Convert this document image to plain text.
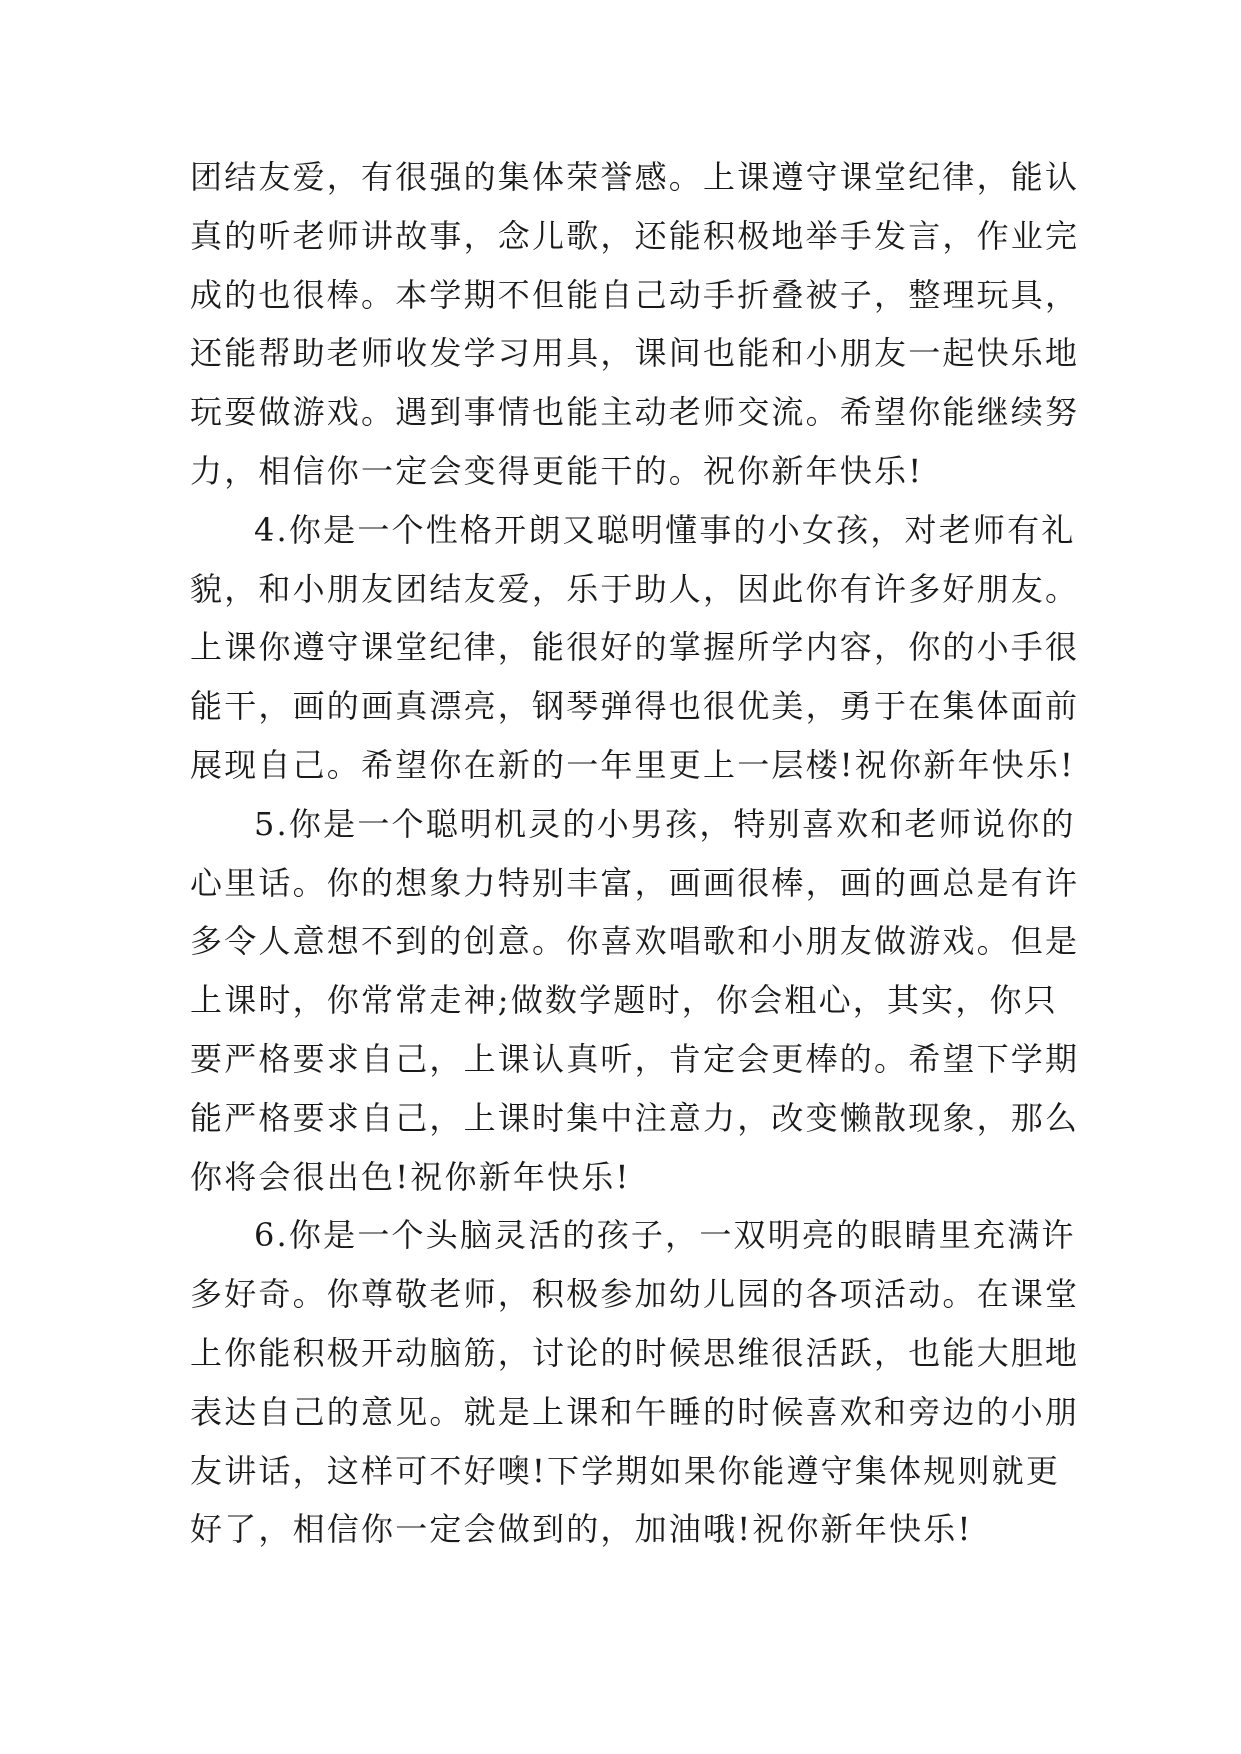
团结友爱，有很强的集体荣誉感。上课遵守课堂纪律，能认
真的听老师讲故事，念儿歌，还能积极地举手发言，作业完
成的也很棒。本学期不但能自己动手折叠被子，整理玩具，
还能帮助老师收发学习用具，课间也能和小朋友一起快乐地
玩耍做游戏。遇到事情也能主动老师交流。希望你能继续努
力，相信你一定会变得更能干的。祝你新年快乐!
4.你是一个性格开朗又聪明懂事的小女孩，对老师有礼
貌，和小朋友团结友爱，乐于助人，因此你有许多好朋友。
上课你遵守课堂纪律，能很好的掌握所学内容，你的小手很
能干，画的画真漂亮，钢琴弹得也很优美，勇于在集体面前
展现自己。希望你在新的一年里更上一层楼!祝你新年快乐!
5.你是一个聪明机灵的小男孩，特别喜欢和老师说你的
心里话。你的想象力特别丰富，画画很棒，画的画总是有许
多令人意想不到的创意。你喜欢唱歌和小朋友做游戏。但是
上课时，你常常走神;做数学题时，你会粗心，其实，你只
要严格要求自己，上课认真听，肯定会更棒的。希望下学期
能严格要求自己，上课时集中注意力，改变懒散现象，那么
你将会很出色!祝你新年快乐!
6.你是一个头脑灵活的孩子，一双明亮的眼睛里充满许
多好奇。你尊敬老师，积极参加幼儿园的各项活动。在课堂
上你能积极开动脑筋，讨论的时候思维很活跃，也能大胆地
表达自己的意见。就是上课和午睡的时候喜欢和旁边的小朋
友讲话，这样可不好噢!下学期如果你能遵守集体规则就更
好了，相信你一定会做到的，加油哦!祝你新年快乐!
